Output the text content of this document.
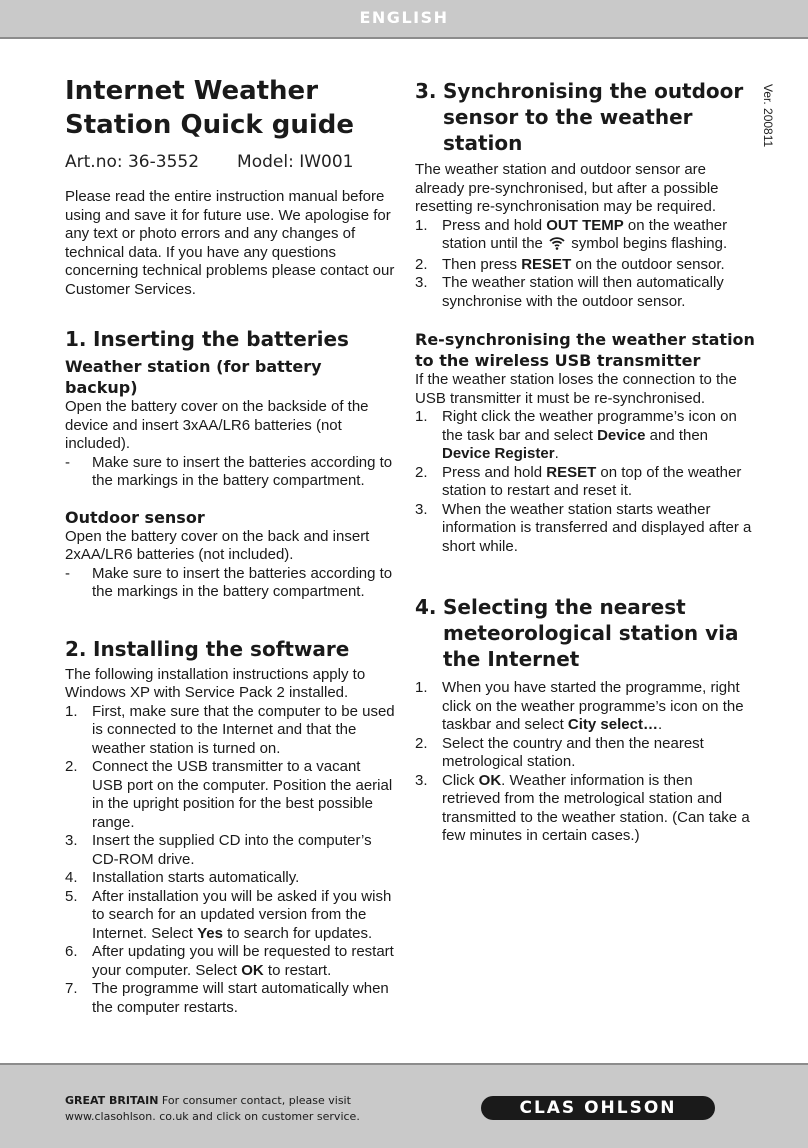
ENGLISH
Ver. 200811
Internet Weather Station Quick guide
Art.no: 36-3552 Model: IW001

Please read the entire instruction manual before using and save it for future use. We apologise for any text or photo errors and any changes of technical data. If you have any questions concerning technical problems please contact our Customer Services.

1. Inserting the batteries
Weather station (for battery backup)

Open the battery cover on the backside of the device and insert 3xAA/LR6 batteries (not included).

-	Make sure to insert the batteries according to the markings in the battery compartment.
Outdoor sensor

Open the battery cover on the back and insert 2xAA/LR6 batteries (not included).

-	Make sure to insert the batteries according to the markings in the battery compartment.
2. Installing the software

The following installation instructions apply to Windows XP with Service Pack 2 installed.

1. First, make sure that the computer to be used is connected to the Internet and that the weather station is turned on.
2. Connect the USB transmitter to a vacant USB port on the computer. Position the aerial in the upright position for the best possible range.
3. Insert the supplied CD into the computer’s CD-ROM drive.
4. Installation starts automatically.
5. After installation you will be asked if you wish to search for an updated version from the Internet. Select Yes to search for updates.
6. After updating you will be requested to restart your computer. Select OK to restart.
7. The programme will start automatically when the computer restarts.
3. Synchronising the outdoor sensor to the weather station

The weather station and outdoor sensor are already pre-synchronised, but after a possible resetting re-synchronisation may be required.

1. Press and hold OUT TEMP on the weather station until the  symbol begins flashing.
2. Then press RESET on the outdoor sensor.
3. The weather station will then automatically synchronise with the outdoor sensor.
Re-synchronising the weather station to the wireless USB transmitter

If the weather station loses the connection to the USB transmitter it must be re-synchronised.

1. Right click the weather programme’s icon on the task bar and select Device and then Device Register.
2. Press and hold RESET on top of the weather station to restart and reset it.
3. When the weather station starts weather information is transferred and displayed after a short while.
4. Selecting the nearest meteorological station via the Internet
1. When you have started the programme, right click on the weather programme’s icon on the taskbar and select City select….
2. Select the country and then the nearest metrological station.
3. Click OK. Weather information is then retrieved from the metrological station and transmitted to the weather station. (Can take a few minutes in certain cases.)
GREAT BRITAIN For consumer contact, please visit www.clasohlson. co.uk and click on customer service.	CLAS OHLSON
